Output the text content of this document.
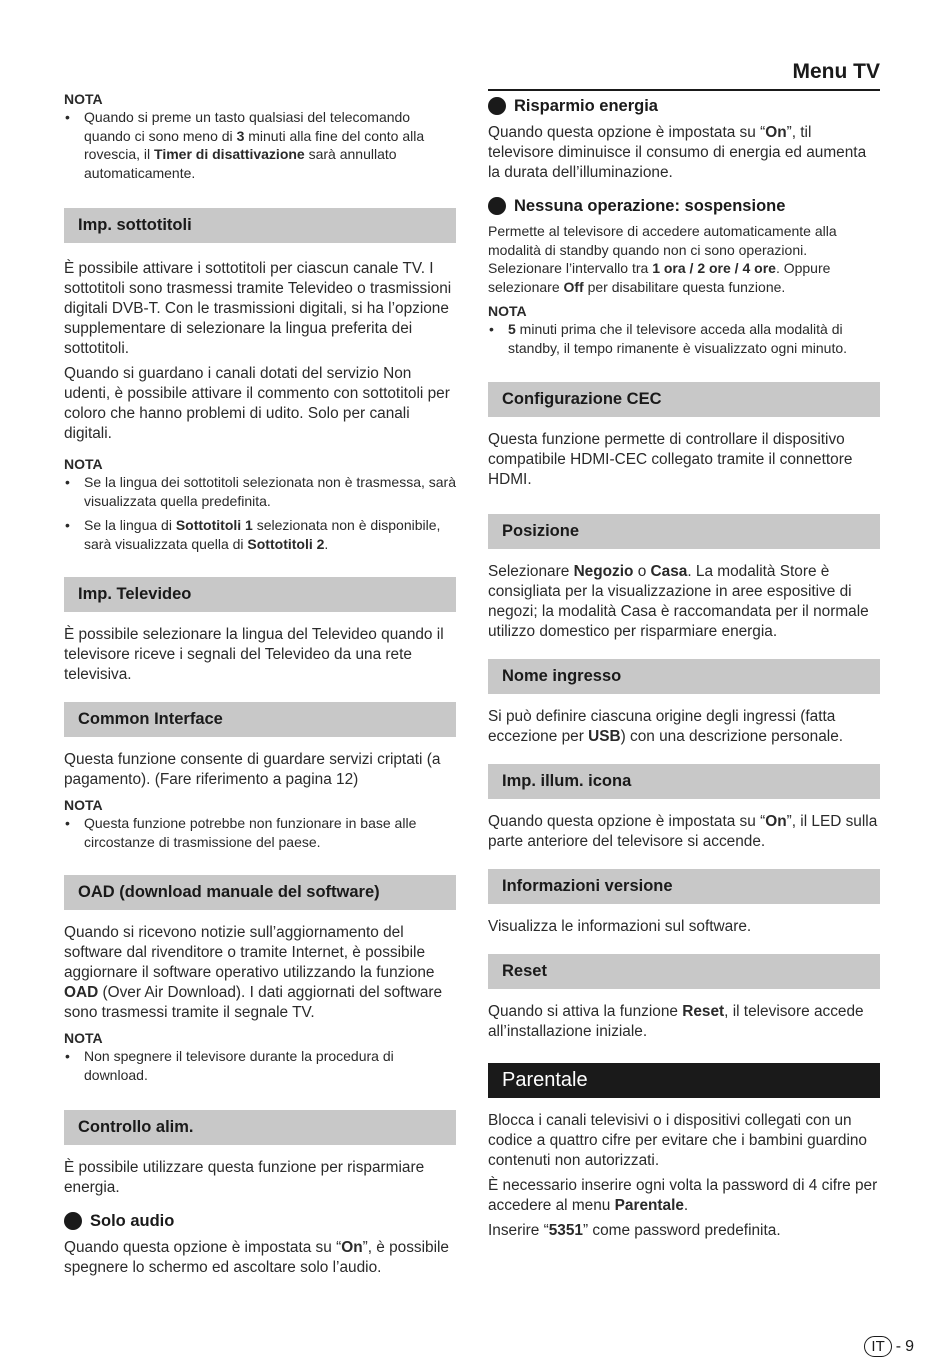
Menu TV
NOTA
• Quando si preme un tasto qualsiasi del telecomando quando ci sono meno di 3 minuti alla fine del conto alla rovescia, il Timer di disattivazione sarà annullato automaticamente.
Imp. sottotitoli

È possibile attivare i sottotitoli per ciascun canale TV. I sottotitoli sono trasmessi tramite Televideo o trasmissioni digitali DVB-T. Con le trasmissioni digitali, si ha l’opzione supplementare di selezionare la lingua preferita dei sottotitoli.

Quando si guardano i canali dotati del servizio Non udenti, è possibile attivare il commento con sottotitoli per coloro che hanno problemi di udito. Solo per canali digitali.

NOTA
• Se la lingua dei sottotitoli selezionata non è trasmessa, sarà visualizzata quella predefinita.
• Se la lingua di Sottotitoli 1 selezionata non è disponibile, sarà visualizzata quella di Sottotitoli 2.
Imp. Televideo

È possibile selezionare la lingua del Televideo quando il televisore riceve i segnali del Televideo da una rete televisiva.

Common Interface

Questa funzione consente di guardare servizi criptati (a pagamento). (Fare riferimento a pagina 12)

NOTA
• Questa funzione potrebbe non funzionare in base alle circostanze di trasmissione del paese.
OAD (download manuale del software)

Quando si ricevono notizie sull’aggiornamento del software dal rivenditore o tramite Internet, è possibile aggiornare il software operativo utilizzando la funzione OAD (Over Air Download). I dati aggiornati del software sono trasmessi tramite il segnale TV.

NOTA
• Non spegnere il televisore durante la procedura di download.
Controllo alim.

È possibile utilizzare questa funzione per risparmiare energia.

Solo audio

Quando questa opzione è impostata su “On”, è possibile spegnere lo schermo ed ascoltare solo l’audio.

Risparmio energia

Quando questa opzione è impostata su “On”, til televisore diminuisce il consumo di energia ed aumenta la durata dell’illuminazione.

Nessuna operazione: sospensione

Permette al televisore di accedere automaticamente alla modalità di standby quando non ci sono operazioni. Selezionare l’intervallo tra 1 ora / 2 ore / 4 ore. Oppure selezionare Off per disabilitare questa funzione.

NOTA
• 5 minuti prima che il televisore acceda alla modalità di standby, il tempo rimanente è visualizzato ogni minuto.
Configurazione CEC

Questa funzione permette di controllare il dispositivo compatibile HDMI-CEC collegato tramite il connettore HDMI.

Posizione

Selezionare Negozio o Casa. La modalità Store è consigliata per la visualizzazione in aree espositive di negozi; la modalità Casa è raccomandata per il normale utilizzo domestico per risparmiare energia.

Nome ingresso

Si può definire ciascuna origine degli ingressi (fatta eccezione per USB) con una descrizione personale.

Imp. illum. icona

Quando questa opzione è impostata su “On”, il LED sulla parte anteriore del televisore si accende.

Informazioni versione

Visualizza le informazioni sul software.

Reset

Quando si attiva la funzione Reset, il televisore accede all’installazione iniziale.

Parentale

Blocca i canali televisivi o i dispositivi collegati con un codice a quattro cifre per evitare che i bambini guardino contenuti non autorizzati.

È necessario inserire ogni volta la password di 4 cifre per accedere al menu Parentale.

Inserire “5351” come password predefinita.

IT - 9
